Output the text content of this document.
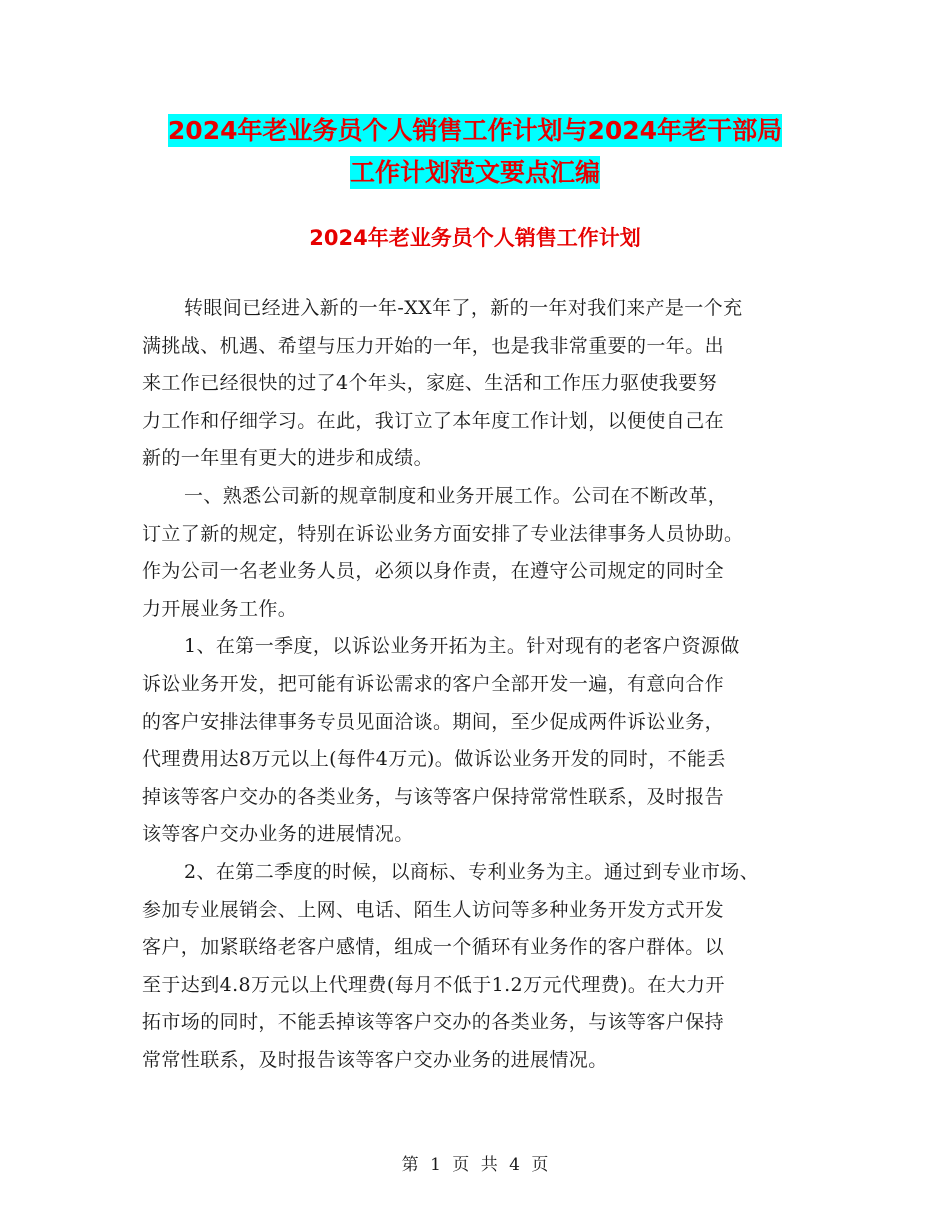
2024年老业务员个人销售工作计划与2024年老干部局
工作计划范文要点汇编
2024年老业务员个人销售工作计划
转眼间已经进入新的一年-XX年了，新的一年对我们来产是一个充
满挑战、机遇、希望与压力开始的一年，也是我非常重要的一年。出
来工作已经很快的过了4个年头，家庭、生活和工作压力驱使我要努
力工作和仔细学习。在此，我订立了本年度工作计划，以便使自己在
新的一年里有更大的进步和成绩。
一、熟悉公司新的规章制度和业务开展工作。公司在不断改革，
订立了新的规定，特别在诉讼业务方面安排了专业法律事务人员协助。
作为公司一名老业务人员，必须以身作责，在遵守公司规定的同时全
力开展业务工作。
1、在第一季度，以诉讼业务开拓为主。针对现有的老客户资源做
诉讼业务开发，把可能有诉讼需求的客户全部开发一遍，有意向合作
的客户安排法律事务专员见面洽谈。期间，至少促成两件诉讼业务，
代理费用达8万元以上(每件4万元)。做诉讼业务开发的同时，不能丢
掉该等客户交办的各类业务，与该等客户保持常常性联系，及时报告
该等客户交办业务的进展情况。
2、在第二季度的时候，以商标、专利业务为主。通过到专业市场、
参加专业展销会、上网、电话、陌生人访问等多种业务开发方式开发
客户，加紧联络老客户感情，组成一个循环有业务作的客户群体。以
至于达到4.8万元以上代理费(每月不低于1.2万元代理费)。在大力开
拓市场的同时，不能丢掉该等客户交办的各类业务，与该等客户保持
常常性联系，及时报告该等客户交办业务的进展情况。
第 1 页 共 4 页
